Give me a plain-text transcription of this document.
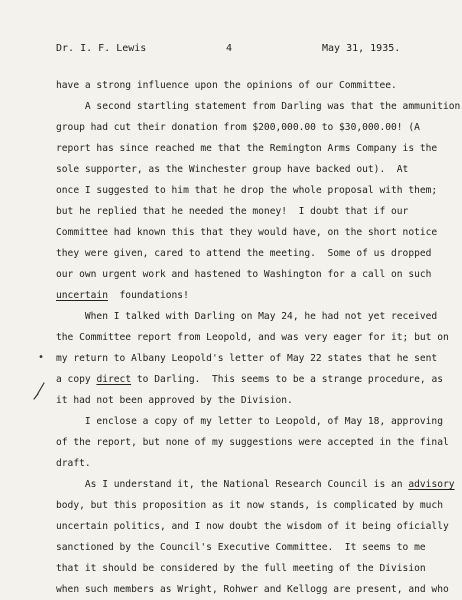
Dr. I. F. Lewis	4	May 31, 1935.
have a strong influence upon the opinions of our Committee.
A second startling statement from Darling was that the ammunition
group had cut their donation from $200,000.00 to $30,000.00! (A
report has since reached me that the Remington Arms Company is the
sole supporter, as the Winchester group have backed out).  At
once I suggested to him that he drop the whole proposal with them;
but he replied that he needed the money!  I doubt that if our
Committee had known this that they would have, on the short notice
they were given, cared to attend the meeting.  Some of us dropped
our own urgent work and hastened to Washington for a call on such
uncertain  foundations!
When I talked with Darling on May 24, he had not yet received
the Committee report from Leopold, and was very eager for it; but on
my return to Albany Leopold's letter of May 22 states that he sent
a copy direct to Darling.  This seems to be a strange procedure, as
it had not been approved by the Division.
I enclose a copy of my letter to Leopold, of May 18, approving
of the report, but none of my suggestions were accepted in the final
draft.
As I understand it, the National Research Council is an advisory
body, but this proposition as it now stands, is complicated by much
uncertain politics, and I now doubt the wisdom of it being oficially
sanctioned by the Council's Executive Committee.  It seems to me
that it should be considered by the full meeting of the Division
when such members as Wright, Rohwer and Kellogg are present, and who
•
